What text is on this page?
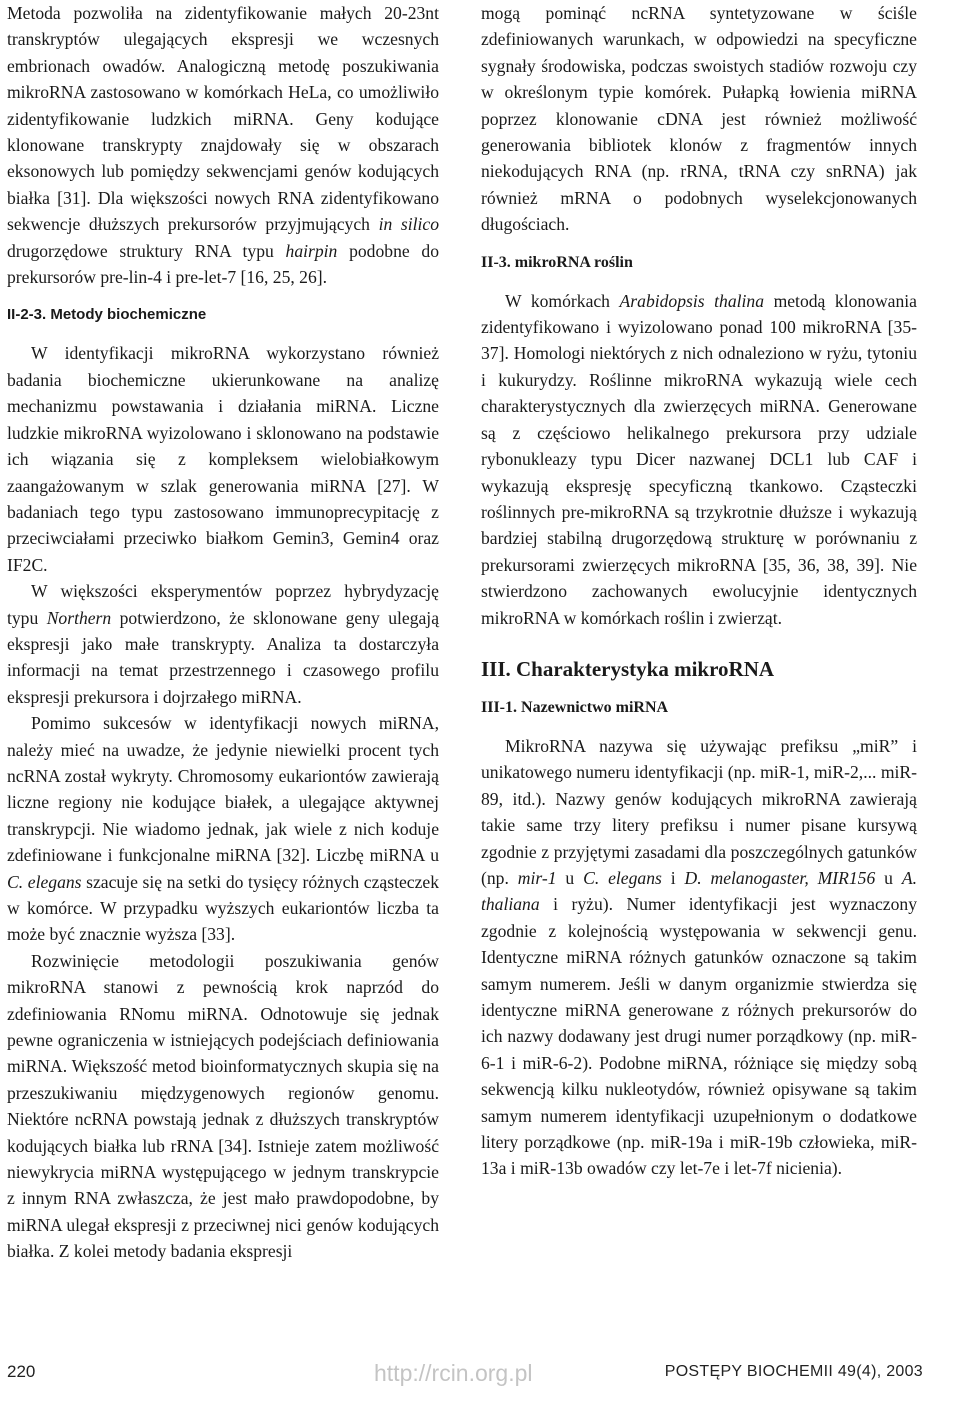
Metoda pozwoliła na zidentyfikowanie małych 20-23nt transkryptów ulegających ekspresji we wczesnych embrionach owadów. Analogiczną metodę poszukiwania mikroRNA zastosowano w komórkach HeLa, co umożliwiło zidentyfikowanie ludzkich miRNA. Geny kodujące klonowane transkrypty znajdowały się w obszarach eksonowych lub pomiędzy sekwencjami genów kodujących białka [31]. Dla większości nowych RNA zidentyfikowano sekwencje dłuższych prekursorów przyjmujących in silico drugorzędowe struktury RNA typu hairpin podobne do prekursorów pre-lin-4 i pre-let-7 [16, 25, 26].

II-2-3. Metody biochemiczne

W identyfikacji mikroRNA wykorzystano również badania biochemiczne ukierunkowane na analizę mechanizmu powstawania i działania miRNA. Liczne ludzkie mikroRNA wyizolowano i sklonowano na podstawie ich wiązania się z kompleksem wielobiałkowym zaangażowanym w szlak generowania miRNA [27]. W badaniach tego typu zastosowano immunoprecypitację z przeciwciałami przeciwko białkom Gemin3, Gemin4 oraz IF2C.

W większości eksperymentów poprzez hybrydyzację typu Northern potwierdzono, że sklonowane geny ulegają ekspresji jako małe transkrypty. Analiza ta dostarczyła informacji na temat przestrzennego i czasowego profilu ekspresji prekursora i dojrzałego miRNA.

Pomimo sukcesów w identyfikacji nowych miRNA, należy mieć na uwadze, że jedynie niewielki procent tych ncRNA został wykryty. Chromosomy eukariontów zawierają liczne regiony nie kodujące białek, a ulegające aktywnej transkrypcji. Nie wiadomo jednak, jak wiele z nich koduje zdefiniowane i funkcjonalne miRNA [32]. Liczbę miRNA u C. elegans szacuje się na setki do tysięcy różnych cząsteczek w komórce. W przypadku wyższych eukariontów liczba ta może być znacznie wyższa [33].

Rozwinięcie metodologii poszukiwania genów mikroRNA stanowi z pewnością krok naprzód do zdefiniowania RNomu miRNA. Odnotowuje się jednak pewne ograniczenia w istniejących podejściach definiowania miRNA. Większość metod bioinformatycznych skupia się na przeszukiwaniu międzygenowych regionów genomu. Niektóre ncRNA powstają jednak z dłuższych transkryptów kodujących białka lub rRNA [34]. Istnieje zatem możliwość niewykrycia miRNA występującego w jednym transkrypcie z innym RNA zwłaszcza, że jest mało prawdopodobne, by miRNA ulegał ekspresji z przeciwnej nici genów kodujących białka. Z kolei metody badania ekspresji

mogą pominąć ncRNA syntetyzowane w ściśle zdefiniowanych warunkach, w odpowiedzi na specyficzne sygnały środowiska, podczas swoistych stadiów rozwoju czy w określonym typie komórek. Pułapką łowienia miRNA poprzez klonowanie cDNA jest również możliwość generowania bibliotek klonów z fragmentów innych niekodujących RNA (np. rRNA, tRNA czy snRNA) jak również mRNA o podobnych wyselekcjonowanych długościach.

II-3. mikroRNA roślin

W komórkach Arabidopsis thalina metodą klonowania zidentyfikowano i wyizolowano ponad 100 mikroRNA [35-37]. Homologi niektórych z nich odnaleziono w ryżu, tytoniu i kukurydzy. Roślinne mikroRNA wykazują wiele cech charakterystycznych dla zwierzęcych miRNA. Generowane są z częściowo helikalnego prekursora przy udziale rybonukleazy typu Dicer nazwanej DCL1 lub CAF i wykazują ekspresję specyficzną tkankowo. Cząsteczki roślinnych pre-mikroRNA są trzykrotnie dłuższe i wykazują bardziej stabilną drugorzędową strukturę w porównaniu z prekursorami zwierzęcych mikroRNA [35, 36, 38, 39]. Nie stwierdzono zachowanych ewolucyjnie identycznych mikroRNA w komórkach roślin i zwierząt.

III. Charakterystyka mikroRNA
III-1. Nazewnictwo miRNA

MikroRNA nazywa się używając prefiksu „miR” i unikatowego numeru identyfikacji (np. miR-1, miR-2,... miR-89, itd.). Nazwy genów kodujących mikroRNA zawierają takie same trzy litery prefiksu i numer pisane kursywą zgodnie z przyjętymi zasadami dla poszczególnych gatunków (np. mir-1 u C. elegans i D. melanogaster, MIR156 u A. thaliana i ryżu). Numer identyfikacji jest wyznaczony zgodnie z kolejnością występowania w sekwencji genu. Identyczne miRNA różnych gatunków oznaczone są takim samym numerem. Jeśli w danym organizmie stwierdza się identyczne miRNA generowane z różnych prekursorów do ich nazwy dodawany jest drugi numer porządkowy (np. miR-6-1 i miR-6-2). Podobne miRNA, różniące się między sobą sekwencją kilku nukleotydów, również opisywane są takim samym numerem identyfikacji uzupełnionym o dodatkowe litery porządkowe (np. miR-19a i miR-19b człowieka, miR-13a i miR-13b owadów czy let-7e i let-7f nicienia).

220	http://rcin.org.pl	POSTĘPY BIOCHEMII 49(4), 2003
